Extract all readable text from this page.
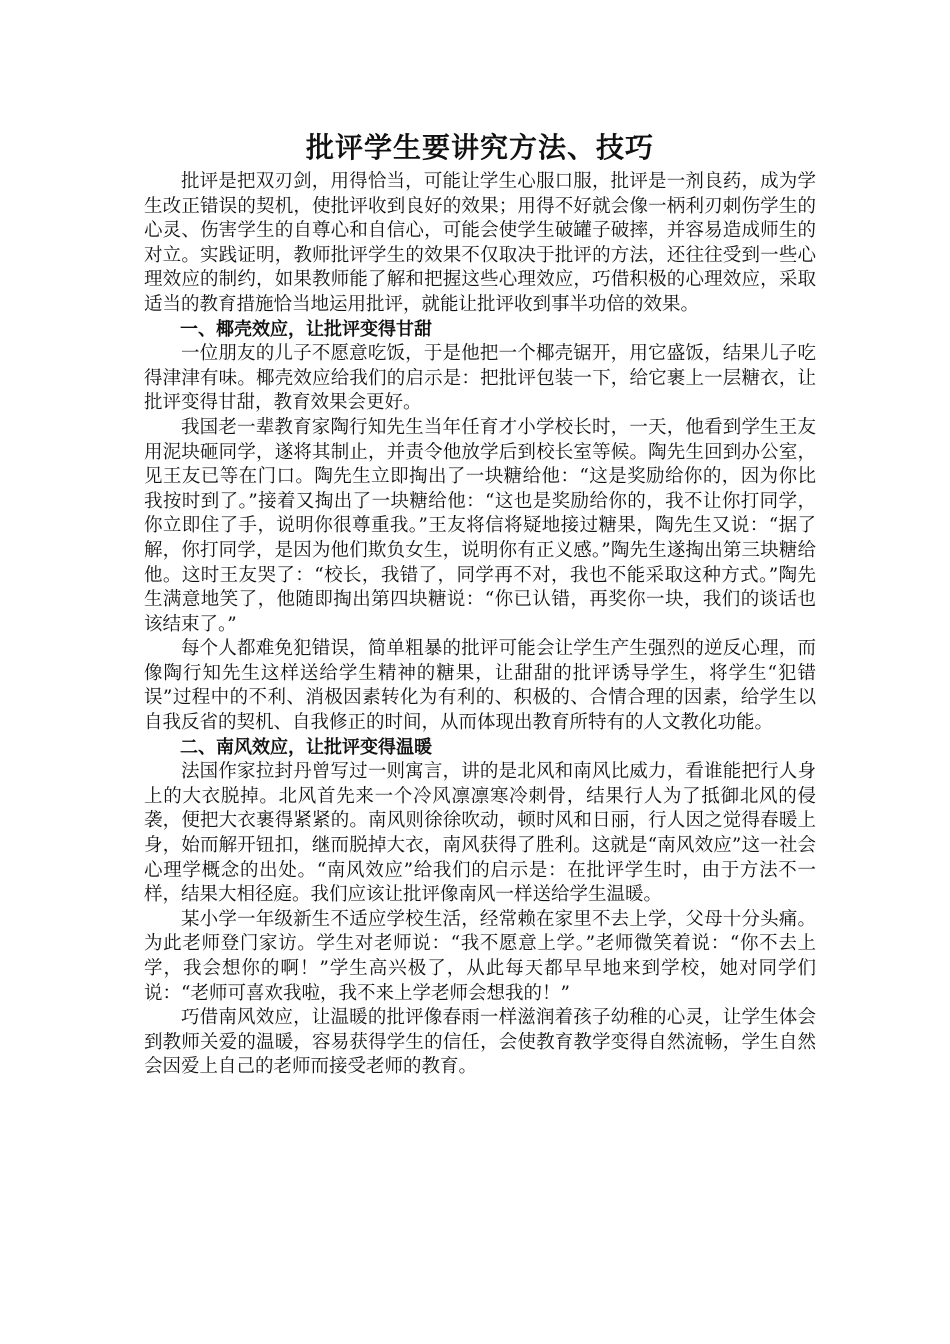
批评学生要讲究方法、技巧

批评是把双刃剑，用得恰当，可能让学生心服口服，批评是一剂良药，成为学生改正错误的契机，使批评收到良好的效果；用得不好就会像一柄利刃刺伤学生的心灵、伤害学生的自尊心和自信心，可能会使学生破罐子破摔，并容易造成师生的对立。实践证明，教师批评学生的效果不仅取决于批评的方法，还往往受到一些心理效应的制约，如果教师能了解和把握这些心理效应，巧借积极的心理效应，采取适当的教育措施恰当地运用批评，就能让批评收到事半功倍的效果。

一、椰壳效应，让批评变得甘甜

一位朋友的儿子不愿意吃饭，于是他把一个椰壳锯开，用它盛饭，结果儿子吃得津津有味。椰壳效应给我们的启示是：把批评包装一下，给它裹上一层糖衣，让批评变得甘甜，教育效果会更好。

我国老一辈教育家陶行知先生当年任育才小学校长时，一天，他看到学生王友用泥块砸同学，遂将其制止，并责令他放学后到校长室等候。陶先生回到办公室，见王友已等在门口。陶先生立即掏出了一块糖给他：“这是奖励给你的，因为你比我按时到了。”接着又掏出了一块糖给他：“这也是奖励给你的，我不让你打同学，你立即住了手，说明你很尊重我。”王友将信将疑地接过糖果，陶先生又说：“据了解，你打同学，是因为他们欺负女生，说明你有正义感。”陶先生遂掏出第三块糖给他。这时王友哭了：“校长，我错了，同学再不对，我也不能采取这种方式。”陶先生满意地笑了，他随即掏出第四块糖说：“你已认错，再奖你一块，我们的谈话也该结束了。”

每个人都难免犯错误，简单粗暴的批评可能会让学生产生强烈的逆反心理，而像陶行知先生这样送给学生精神的糖果，让甜甜的批评诱导学生，将学生“犯错误”过程中的不利、消极因素转化为有利的、积极的、合情合理的因素，给学生以自我反省的契机、自我修正的时间，从而体现出教育所特有的人文教化功能。

二、南风效应，让批评变得温暖

法国作家拉封丹曾写过一则寓言，讲的是北风和南风比威力，看谁能把行人身上的大衣脱掉。北风首先来一个冷风凛凛寒冷刺骨，结果行人为了抵御北风的侵袭，便把大衣裹得紧紧的。南风则徐徐吹动，顿时风和日丽，行人因之觉得春暖上身，始而解开钮扣，继而脱掉大衣，南风获得了胜利。这就是“南风效应”这一社会心理学概念的出处。“南风效应”给我们的启示是：在批评学生时，由于方法不一样，结果大相径庭。我们应该让批评像南风一样送给学生温暖。

某小学一年级新生不适应学校生活，经常赖在家里不去上学，父母十分头痛。为此老师登门家访。学生对老师说：“我不愿意上学。”老师微笑着说：“你不去上学，我会想你的啊！”学生高兴极了，从此每天都早早地来到学校，她对同学们说：“老师可喜欢我啦，我不来上学老师会想我的！”

巧借南风效应，让温暖的批评像春雨一样滋润着孩子幼稚的心灵，让学生体会到教师关爱的温暖，容易获得学生的信任，会使教育教学变得自然流畅，学生自然会因爱上自己的老师而接受老师的教育。
